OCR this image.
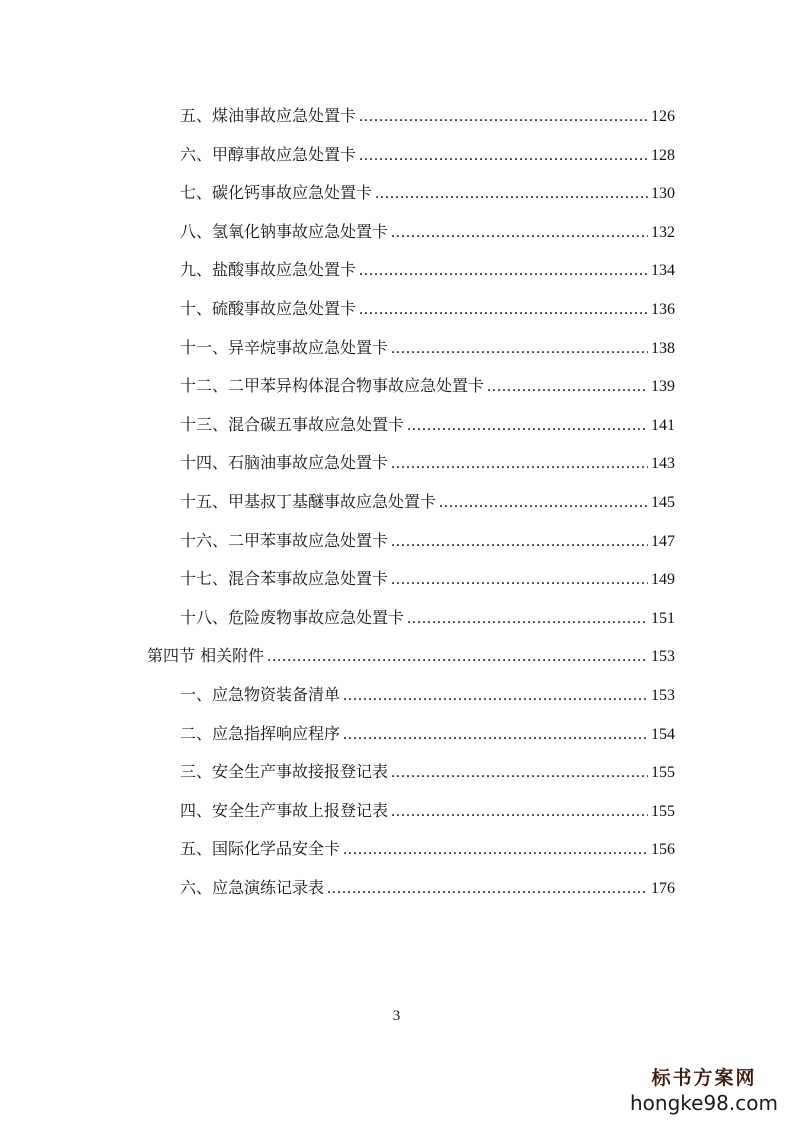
五、煤油事故应急处置卡 .....	126
六、甲醇事故应急处置卡 .....	128
七、碳化钙事故应急处置卡 .....	130
八、氢氧化钠事故应急处置卡 .....	132
九、盐酸事故应急处置卡 .....	134
十、硫酸事故应急处置卡 .....	136
十一、异辛烷事故应急处置卡 .....	138
十二、二甲苯异构体混合物事故应急处置卡 .....	139
十三、混合碳五事故应急处置卡 .....	141
十四、石脑油事故应急处置卡 .....	143
十五、甲基叔丁基醚事故应急处置卡 .....	145
十六、二甲苯事故应急处置卡 .....	147
十七、混合苯事故应急处置卡 .....	149
十八、危险废物事故应急处置卡 .....	151
第四节 相关附件 .....	153
一、应急物资装备清单 .....	153
二、应急指挥响应程序 .....	154
三、安全生产事故接报登记表 .....	155
四、安全生产事故上报登记表 .....	155
五、国际化学品安全卡 .....	156
六、应急演练记录表 .....	176
3
标书方案网
hongke98.com
